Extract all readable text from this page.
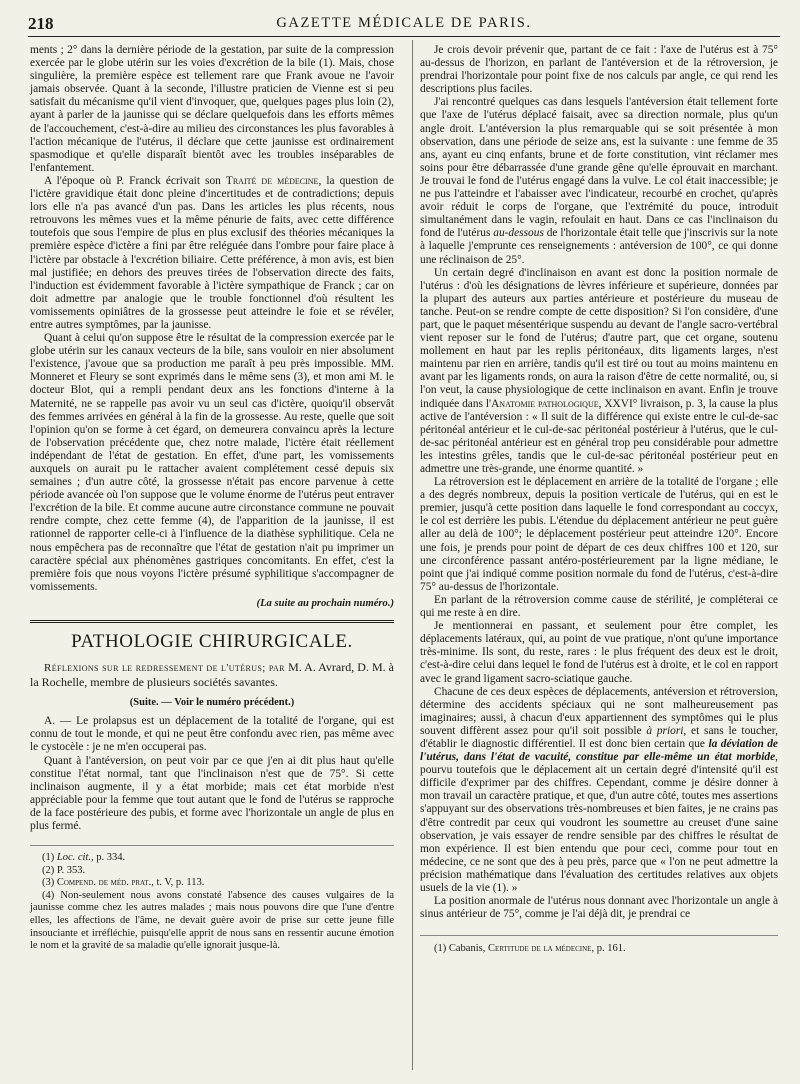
218	GAZETTE MÉDICALE DE PARIS.

ments ; 2° dans la dernière période de la gestation, par suite de la compression exercée par le globe utérin sur les voies d'excrétion de la bile (1). Mais, chose singulière, la première espèce est tellement rare que Frank avoue ne l'avoir jamais observée. Quant à la seconde, l'illustre praticien de Vienne est si peu satisfait du mécanisme qu'il vient d'invoquer, que, quelques pages plus loin (2), ayant à parler de la jaunisse qui se déclare quelquefois dans les efforts mêmes de l'accouchement, c'est-à-dire au milieu des circonstances les plus favorables à l'action mécanique de l'utérus, il déclare que cette jaunisse est ordinairement spasmodique et qu'elle disparaît bientôt avec les troubles inséparables de l'enfantement.

A l'époque où P. Franck écrivait son Traité de médecine, la question de l'ictère gravidique était donc pleine d'incertitudes et de contradictions; depuis lors elle n'a pas avancé d'un pas. Dans les articles les plus récents, nous retrouvons les mêmes vues et la même pénurie de faits, avec cette différence toutefois que sous l'empire de plus en plus exclusif des théories mécaniques la première espèce d'ictère a fini par être reléguée dans l'ombre pour faire place à l'ictère par obstacle à l'excrétion biliaire. Cette préférence, à mon avis, est bien mal justifiée; en dehors des preuves tirées de l'observation directe des faits, l'induction est évidemment favorable à l'ictère sympathique de Franck ; car on doit admettre par analogie que le trouble fonctionnel d'où résultent les vomissements opiniâtres de la grossesse peut atteindre le foie et se révéler, entre autres symptômes, par la jaunisse.

Quant à celui qu'on suppose être le résultat de la compression exercée par le globe utérin sur les canaux vecteurs de la bile, sans vouloir en nier absolument l'existence, j'avoue que sa production me paraît à peu près impossible. MM. Monneret et Fleury se sont exprimés dans le même sens (3), et mon ami M. le docteur Blot, qui a rempli pendant deux ans les fonctions d'interne à la Maternité, ne se rappelle pas avoir vu un seul cas d'ictère, quoiqu'il observât des femmes arrivées en général à la fin de la grossesse. Au reste, quelle que soit l'opinion qu'on se forme à cet égard, on demeurera convaincu après la lecture de l'observation précédente que, chez notre malade, l'ictère était réellement indépendant de l'état de gestation. En effet, d'une part, les vomissements auxquels on aurait pu le rattacher avaient complétement cessé depuis six semaines ; d'un autre côté, la grossesse n'était pas encore parvenue à cette période avancée où l'on suppose que le volume énorme de l'utérus peut entraver l'excrétion de la bile. Et comme aucune autre circonstance commune ne pouvait rendre compte, chez cette femme (4), de l'apparition de la jaunisse, il est rationnel de rapporter celle-ci à l'influence de la diathèse syphilitique. Cela ne nous empêchera pas de reconnaître que l'état de gestation n'ait pu imprimer un caractère spécial aux phénomènes gastriques concomitants. En effet, c'est la première fois que nous voyons l'ictère présumé syphilitique s'accompagner de vomissements.

(La suite au prochain numéro.)
PATHOLOGIE CHIRURGICALE.
Réflexions sur le redressement de l'utérus; par M. A. Avrard, D. M. à la Rochelle, membre de plusieurs sociétés savantes.
(Suite. — Voir le numéro précédent.)

A. — Le prolapsus est un déplacement de la totalité de l'organe, qui est connu de tout le monde, et qui ne peut être confondu avec rien, pas même avec le cystocèle : je ne m'en occuperai pas.

Quant à l'antéversion, on peut voir par ce que j'en ai dit plus haut qu'elle constitue l'état normal, tant que l'inclinaison n'est que de 75°. Si cette inclinaison augmente, il y a état morbide; mais cet état morbide n'est appréciable pour la femme que tout autant que le fond de l'utérus se rapproche de la face postérieure des pubis, et forme avec l'horizontale un angle de plus en plus fermé.

(1) Loc. cit., p. 334.

(2) P. 353.

(3) Compend. de méd. prat., t. V, p. 113.

(4) Non-seulement nous avons constaté l'absence des causes vulgaires de la jaunisse comme chez les autres malades ; mais nous pouvons dire que l'une d'entre elles, les affections de l'âme, ne devait guère avoir de prise sur cette jeune fille insouciante et irréfléchie, puisqu'elle apprit de nous sans en ressentir aucune émotion le nom et la gravité de sa maladie qu'elle ignorait jusque-là.

Je crois devoir prévenir que, partant de ce fait : l'axe de l'utérus est à 75° au-dessus de l'horizon, en parlant de l'antéversion et de la rétroversion, je prendrai l'horizontale pour point fixe de nos calculs par angle, ce qui rend les descriptions plus faciles.

J'ai rencontré quelques cas dans lesquels l'antéversion était tellement forte que l'axe de l'utérus déplacé faisait, avec sa direction normale, plus qu'un angle droit. L'antéversion la plus remarquable qui se soit présentée à mon observation, dans une période de seize ans, est la suivante : une femme de 35 ans, ayant eu cinq enfants, brune et de forte constitution, vint réclamer mes soins pour être débarrassée d'une grande gêne qu'elle éprouvait en marchant. Je trouvai le fond de l'utérus engagé dans la vulve. Le col était inaccessible; je ne pus l'atteindre et l'abaisser avec l'indicateur, recourbé en crochet, qu'après avoir réduit le corps de l'organe, que l'extrémité du pouce, introduit simultanément dans le vagin, refoulait en haut. Dans ce cas l'inclinaison du fond de l'utérus au-dessous de l'horizontale était telle que j'inscrivis sur la note à laquelle j'emprunte ces renseignements : antéversion de 100°, ce qui donne une réclinaison de 25°.

Un certain degré d'inclinaison en avant est donc la position normale de l'utérus : d'où les désignations de lèvres inférieure et supérieure, données par la plupart des auteurs aux parties antérieure et postérieure du museau de tanche. Peut-on se rendre compte de cette disposition? Si l'on considère, d'une part, que le paquet mésentérique suspendu au devant de l'angle sacro-vertébral vient reposer sur le fond de l'utérus; d'autre part, que cet organe, soutenu mollement en haut par les replis péritonéaux, dits ligaments larges, n'est maintenu par rien en arrière, tandis qu'il est tiré ou tout au moins maintenu en avant par les ligaments ronds, on aura la raison d'être de cette normalité, ou, si l'on veut, la cause physiologique de cette inclinaison en avant. Enfin je trouve indiquée dans l'Anatomie pathologique, XXVI° livraison, p. 3, la cause la plus active de l'antéversion : « Il suit de la différence qui existe entre le cul-de-sac péritonéal antérieur et le cul-de-sac péritonéal postérieur à l'utérus, que le cul-de-sac péritonéal antérieur est en général trop peu considérable pour admettre les intestins grêles, tandis que le cul-de-sac péritonéal postérieur peut en admettre une très-grande, une énorme quantité. »

La rétroversion est le déplacement en arrière de la totalité de l'organe ; elle a des degrés nombreux, depuis la position verticale de l'utérus, qui en est le premier, jusqu'à cette position dans laquelle le fond correspondant au coccyx, le col est derrière les pubis. L'étendue du déplacement antérieur ne peut guère aller au delà de 100°; le déplacement postérieur peut atteindre 120°. Encore une fois, je prends pour point de départ de ces deux chiffres 100 et 120, sur une circonférence passant antéro-postérieurement par la ligne médiane, le point que j'ai indiqué comme position normale du fond de l'utérus, c'est-à-dire 75° au-dessus de l'horizontale.

En parlant de la rétroversion comme cause de stérilité, je compléterai ce qui me reste à en dire.

Je mentionnerai en passant, et seulement pour être complet, les déplacements latéraux, qui, au point de vue pratique, n'ont qu'une importance très-minime. Ils sont, du reste, rares : le plus fréquent des deux est le droit, c'est-à-dire celui dans lequel le fond de l'utérus est à droite, et le col en rapport avec le grand ligament sacro-sciatique gauche.

Chacune de ces deux espèces de déplacements, antéversion et rétroversion, détermine des accidents spéciaux qui ne sont malheureusement pas imaginaires; aussi, à chacun d'eux appartiennent des symptômes qui le plus souvent diffèrent assez pour qu'il soit possible à priori, et sans le toucher, d'établir le diagnostic différentiel. Il est donc bien certain que la déviation de l'utérus, dans l'état de vacuité, constitue par elle-même un état morbide, pourvu toutefois que le déplacement ait un certain degré d'intensité qu'il est difficile d'exprimer par des chiffres. Cependant, comme je désire donner à mon travail un caractère pratique, et que, d'un autre côté, toutes mes assertions s'appuyant sur des observations très-nombreuses et bien faites, je ne crains pas d'être contredit par ceux qui voudront les soumettre au creuset d'une saine observation, je vais essayer de rendre sensible par des chiffres le résultat de mon expérience. Il est bien entendu que pour ceci, comme pour tout en médecine, ce ne sont que des à peu près, parce que « l'on ne peut admettre la précision mathématique dans l'évaluation des certitudes relatives aux objets usuels de la vie (1). »

La position anormale de l'utérus nous donnant avec l'horizontale un angle à sinus antérieur de 75°, comme je l'ai déjà dit, je prendrai ce

(1) Cabanis, Certitude de la médecine, p. 161.
